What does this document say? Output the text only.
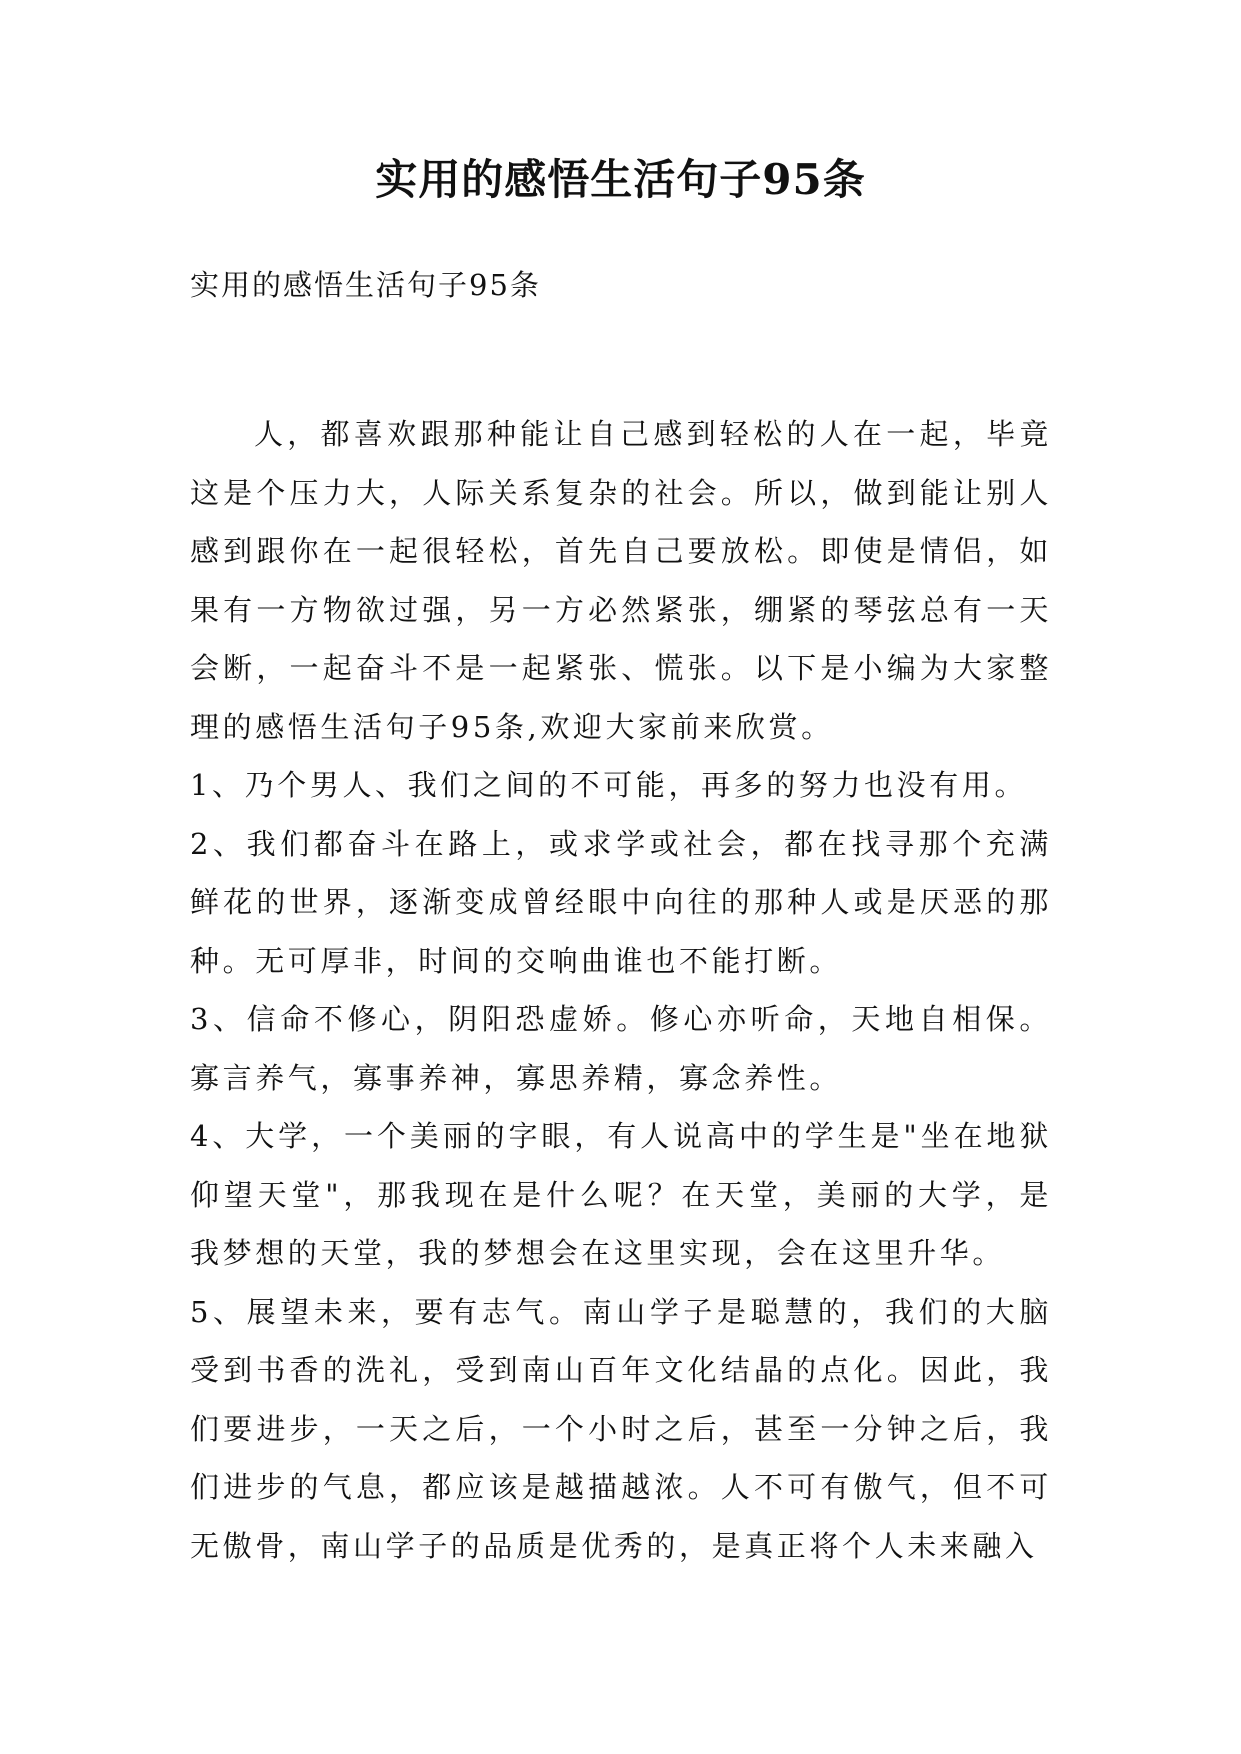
实用的感悟生活句子95条

实用的感悟生活句子95条

人，都喜欢跟那种能让自己感到轻松的人在一起，毕竟这是个压力大，人际关系复杂的社会。所以，做到能让别人感到跟你在一起很轻松，首先自己要放松。即使是情侣，如果有一方物欲过强，另一方必然紧张，绷紧的琴弦总有一天会断，一起奋斗不是一起紧张、慌张。以下是小编为大家整理的感悟生活句子95条,欢迎大家前来欣赏。

1、乃个男人、我们之间的不可能，再多的努力也没有用。

2、我们都奋斗在路上，或求学或社会，都在找寻那个充满鲜花的世界，逐渐变成曾经眼中向往的那种人或是厌恶的那种。无可厚非，时间的交响曲谁也不能打断。

3、信命不修心，阴阳恐虚娇。修心亦听命，天地自相保。寡言养气，寡事养神，寡思养精，寡念养性。

4、大学，一个美丽的字眼，有人说高中的学生是"坐在地狱仰望天堂"，那我现在是什么呢？在天堂，美丽的大学，是我梦想的天堂，我的梦想会在这里实现，会在这里升华。

5、展望未来，要有志气。南山学子是聪慧的，我们的大脑受到书香的洗礼，受到南山百年文化结晶的点化。因此，我们要进步，一天之后，一个小时之后，甚至一分钟之后，我们进步的气息，都应该是越描越浓。人不可有傲气，但不可无傲骨，南山学子的品质是优秀的，是真正将个人未来融入
